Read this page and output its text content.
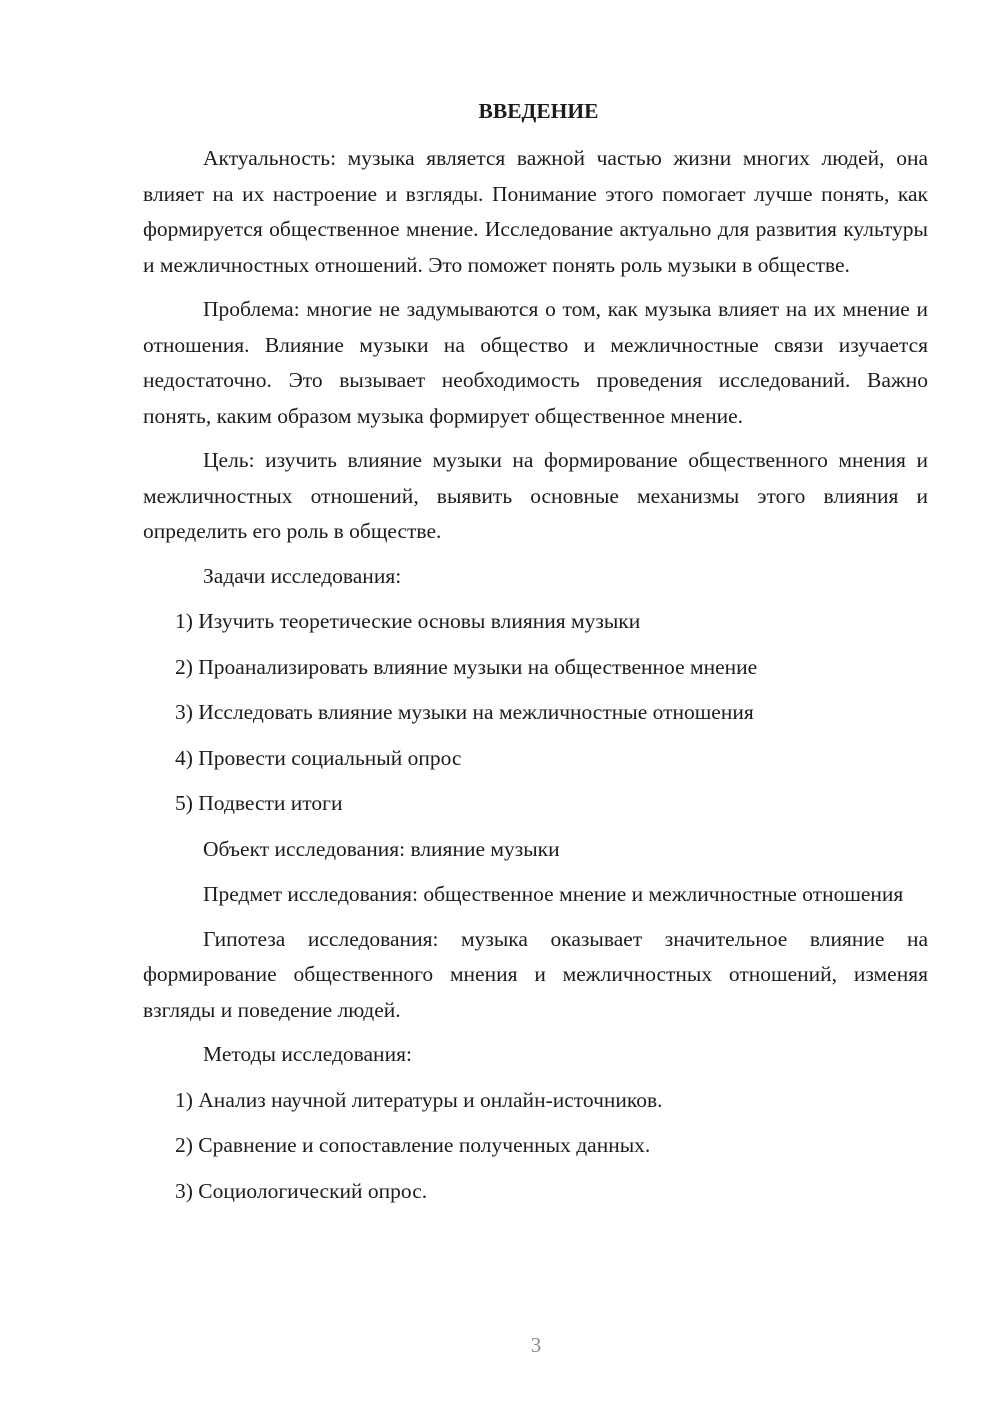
ВВЕДЕНИЕ

Актуальность: музыка является важной частью жизни многих людей, она влияет на их настроение и взгляды. Понимание этого помогает лучше понять, как формируется общественное мнение. Исследование актуально для развития культуры и межличностных отношений. Это поможет понять роль музыки в обществе.

Проблема: многие не задумываются о том, как музыка влияет на их мнение и отношения. Влияние музыки на общество и межличностные связи изучается недостаточно. Это вызывает необходимость проведения исследований. Важно понять, каким образом музыка формирует общественное мнение.

Цель: изучить влияние музыки на формирование общественного мнения и межличностных отношений, выявить основные механизмы этого влияния и определить его роль в обществе.

Задачи исследования:
1) Изучить теоретические основы влияния музыки
2) Проанализировать влияние музыки на общественное мнение
3) Исследовать влияние музыки на межличностные отношения
4) Провести социальный опрос
5) Подвести итоги
Объект исследования: влияние музыки

Предмет исследования: общественное мнение и межличностные отношения

Гипотеза исследования: музыка оказывает значительное влияние на формирование общественного мнения и межличностных отношений, изменяя взгляды и поведение людей.

Методы исследования:
1) Анализ научной литературы и онлайн-источников.
2) Сравнение и сопоставление полученных данных.
3) Социологический опрос.
3
